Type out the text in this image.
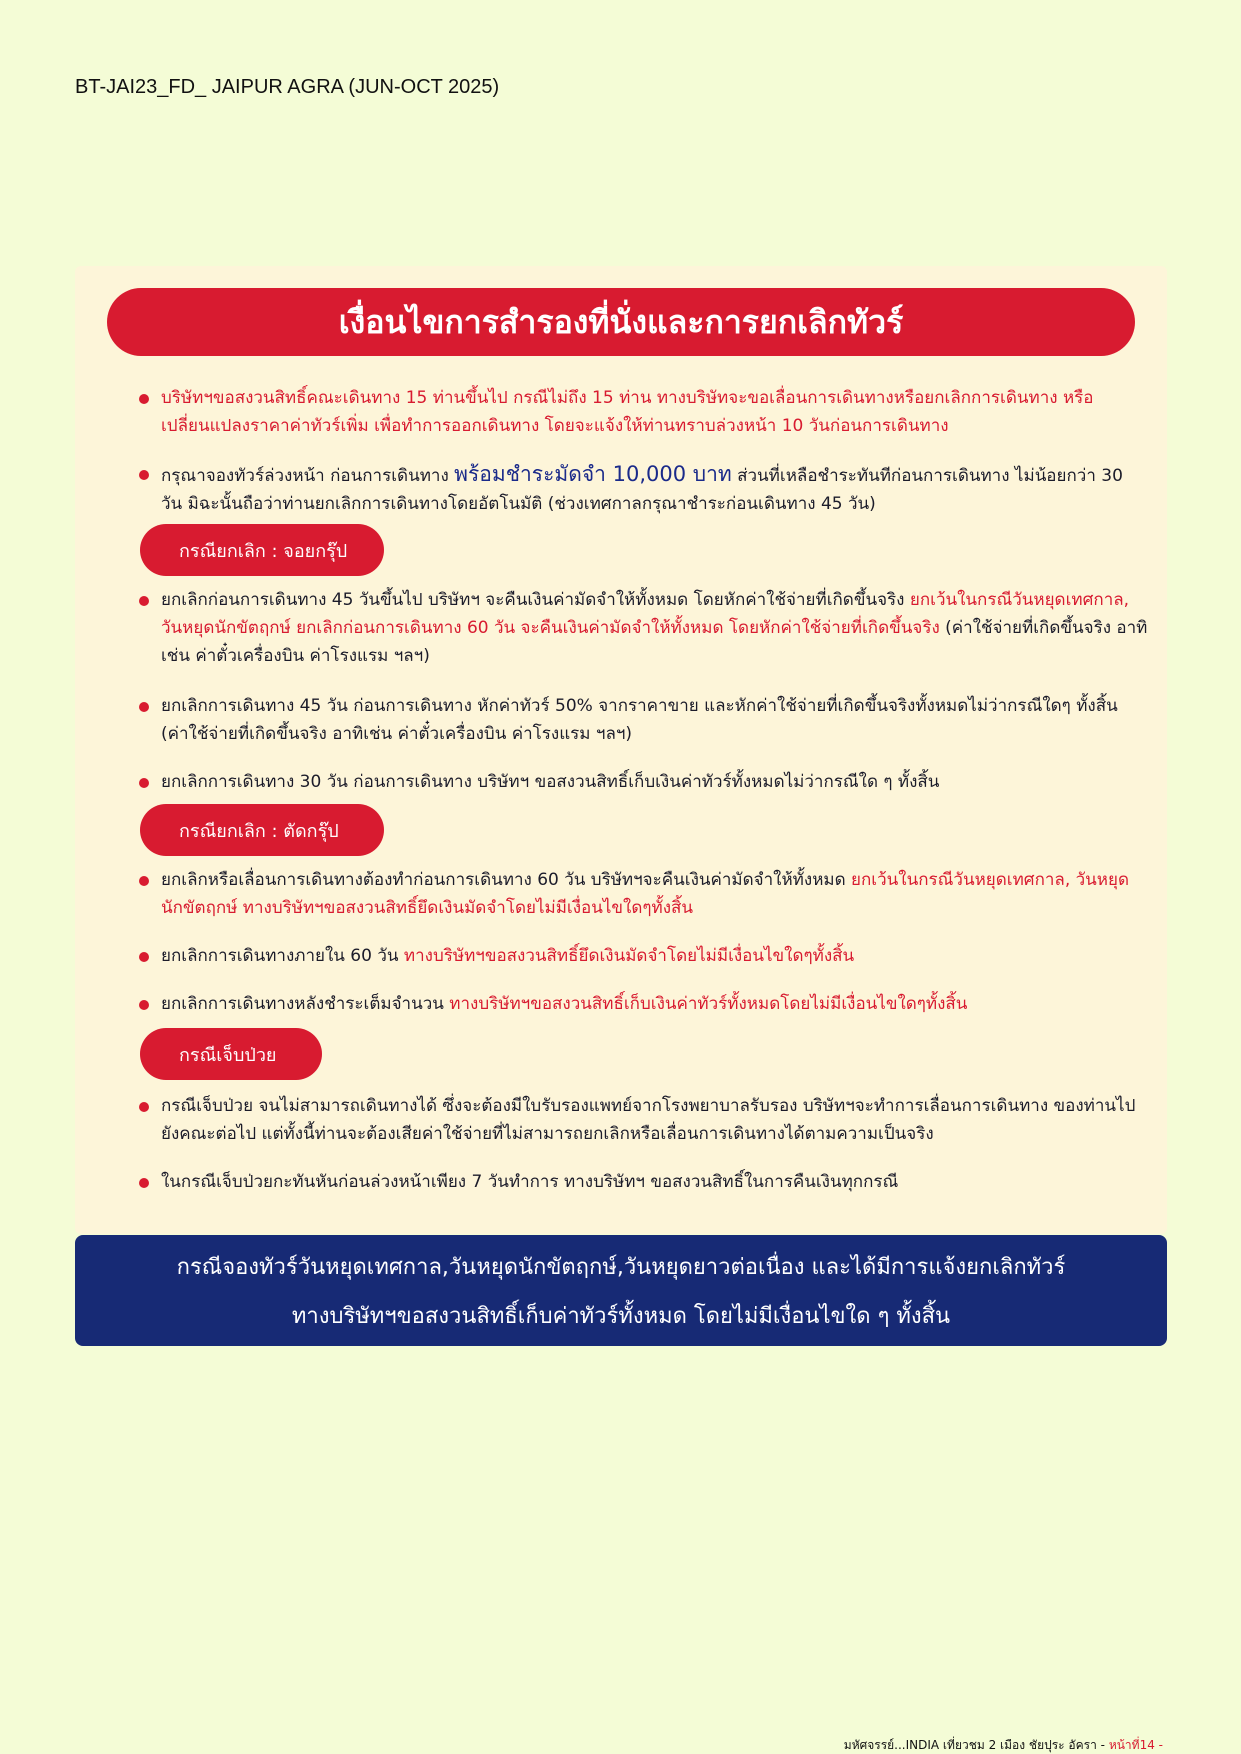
BT-JAI23_FD_ JAIPUR AGRA (JUN-OCT 2025)
เงื่อนไขการสำรองที่นั่งและการยกเลิกทัวร์
บริษัทฯขอสงวนสิทธิ์คณะเดินทาง 15 ท่านขึ้นไป กรณีไม่ถึง 15 ท่าน ทางบริษัทจะขอเลื่อนการเดินทางหรือยกเลิกการเดินทาง หรือเปลี่ยนแปลงราคาค่าทัวร์เพิ่ม เพื่อทำการออกเดินทาง โดยจะแจ้งให้ท่านทราบล่วงหน้า 10 วันก่อนการเดินทาง
กรุณาจองทัวร์ล่วงหน้า ก่อนการเดินทาง พร้อมชำระมัดจำ 10,000 บาท ส่วนที่เหลือชำระทันทีก่อนการเดินทาง ไม่น้อยกว่า 30 วัน มิฉะนั้นถือว่าท่านยกเลิกการเดินทางโดยอัตโนมัติ (ช่วงเทศกาลกรุณาชำระก่อนเดินทาง 45 วัน)
กรณียกเลิก : จอยกรุ๊ป
ยกเลิกก่อนการเดินทาง 45 วันขึ้นไป บริษัทฯ จะคืนเงินค่ามัดจำให้ทั้งหมด โดยหักค่าใช้จ่ายที่เกิดขึ้นจริง ยกเว้นในกรณีวันหยุดเทศกาล, วันหยุดนักขัตฤกษ์ ยกเลิกก่อนการเดินทาง 60 วัน จะคืนเงินค่ามัดจำให้ทั้งหมด โดยหักค่าใช้จ่ายที่เกิดขึ้นจริง (ค่าใช้จ่ายที่เกิดขึ้นจริง อาทิเช่น ค่าตั๋วเครื่องบิน ค่าโรงแรม ฯลฯ)
ยกเลิกการเดินทาง 45 วัน ก่อนการเดินทาง หักค่าทัวร์ 50% จากราคาขาย และหักค่าใช้จ่ายที่เกิดขึ้นจริงทั้งหมดไม่ว่ากรณีใดๆ ทั้งสิ้น (ค่าใช้จ่ายที่เกิดขึ้นจริง อาทิเช่น ค่าตั๋วเครื่องบิน ค่าโรงแรม ฯลฯ)
ยกเลิกการเดินทาง 30 วัน ก่อนการเดินทาง บริษัทฯ ขอสงวนสิทธิ์เก็บเงินค่าทัวร์ทั้งหมดไม่ว่ากรณีใด ๆ ทั้งสิ้น
กรณียกเลิก : ตัดกรุ๊ป
ยกเลิกหรือเลื่อนการเดินทางต้องทำก่อนการเดินทาง 60 วัน บริษัทฯจะคืนเงินค่ามัดจำให้ทั้งหมด ยกเว้นในกรณีวันหยุดเทศกาล, วันหยุดนักขัตฤกษ์ ทางบริษัทฯขอสงวนสิทธิ์ยึดเงินมัดจำโดยไม่มีเงื่อนไขใดๆทั้งสิ้น
ยกเลิกการเดินทางภายใน 60 วัน ทางบริษัทฯขอสงวนสิทธิ์ยึดเงินมัดจำโดยไม่มีเงื่อนไขใดๆทั้งสิ้น
ยกเลิกการเดินทางหลังชำระเต็มจำนวน ทางบริษัทฯขอสงวนสิทธิ์เก็บเงินค่าทัวร์ทั้งหมดโดยไม่มีเงื่อนไขใดๆทั้งสิ้น
กรณีเจ็บป่วย
กรณีเจ็บป่วย จนไม่สามารถเดินทางได้ ซึ่งจะต้องมีใบรับรองแพทย์จากโรงพยาบาลรับรอง บริษัทฯจะทำการเลื่อนการเดินทาง ของท่านไปยังคณะต่อไป แต่ทั้งนี้ท่านจะต้องเสียค่าใช้จ่ายที่ไม่สามารถยกเลิกหรือเลื่อนการเดินทางได้ตามความเป็นจริง
ในกรณีเจ็บป่วยกะทันหันก่อนล่วงหน้าเพียง 7 วันทำการ ทางบริษัทฯ ขอสงวนสิทธิ์ในการคืนเงินทุกกรณี
กรณีจองทัวร์วันหยุดเทศกาล,วันหยุดนักขัตฤกษ์,วันหยุดยาวต่อเนื่อง และได้มีการแจ้งยกเลิกทัวร์
ทางบริษัทฯขอสงวนสิทธิ์เก็บค่าทัวร์ทั้งหมด โดยไม่มีเงื่อนไขใด ๆ ทั้งสิ้น
มหัศจรรย์...INDIA เที่ยวชม 2 เมือง ชัยปุระ อัครา - หน้าที่14 -
